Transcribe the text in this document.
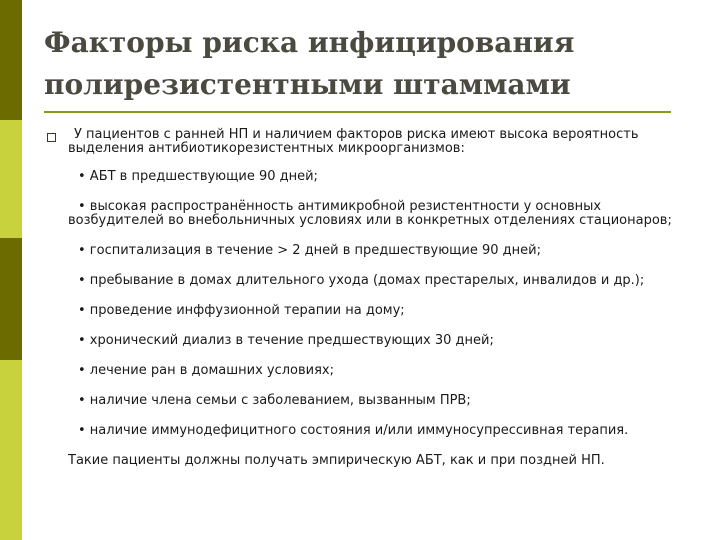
Факторы риска инфицирования полирезистентными штаммами

У пациентов с ранней НП и наличием факторов риска имеют высока вероятность выделения антибиотикорезистентных микроорганизмов:

• АБТ в предшествующие 90 дней;

• высокая распространённость антимикробной резистентности у основных возбудителей во внебольничных условиях или в конкретных отделениях стационаров;

• госпитализация в течение > 2 дней в предшествующие 90 дней;

• пребывание в домах длительного ухода (домах престарелых, инвалидов и др.);

• проведение инффузионной терапии на дому;

• хронический диализ в течение предшествующих 30 дней;

• лечение ран в домашних условиях;

• наличие члена семьи с заболеванием, вызванным ПРВ;

• наличие иммунодефицитного состояния и/или иммуносупрессивная терапия.

Такие пациенты должны получать эмпирическую АБТ, как и при поздней НП.
